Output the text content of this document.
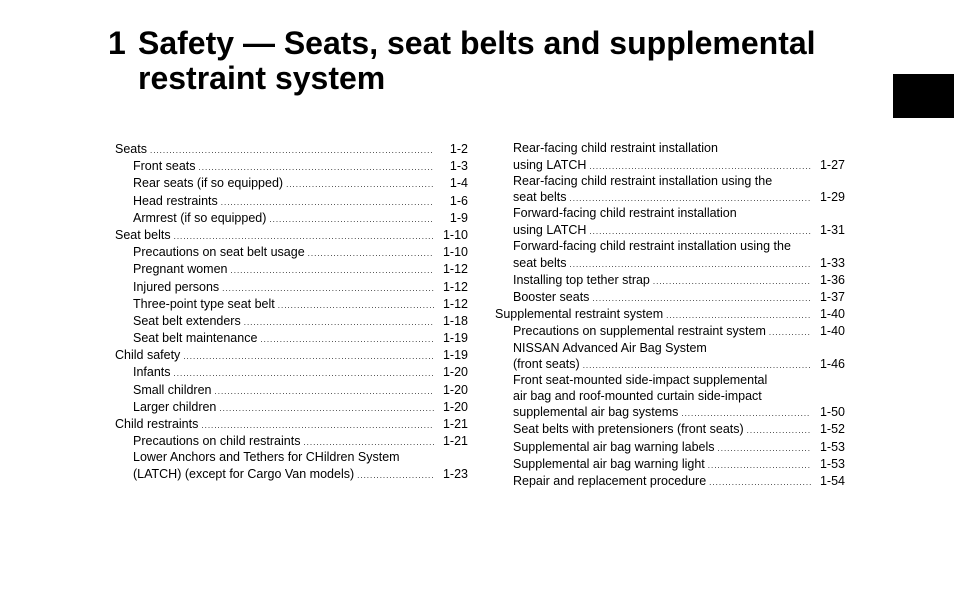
1 Safety — Seats, seat belts and supplemental
restraint system
Seats .....	1-2
Front seats .....	1-3
Rear seats (if so equipped) .....	1-4
Head restraints .....	1-6
Armrest (if so equipped) .....	1-9
Seat belts .....	1-10
Precautions on seat belt usage .....	1-10
Pregnant women .....	1-12
Injured persons .....	1-12
Three-point type seat belt .....	1-12
Seat belt extenders .....	1-18
Seat belt maintenance .....	1-19
Child safety .....	1-19
Infants .....	1-20
Small children .....	1-20
Larger children .....	1-20
Child restraints .....	1-21
Precautions on child restraints .....	1-21
Lower Anchors and Tethers for CHildren System
(LATCH) (except for Cargo Van models) .....	1-23
Rear-facing child restraint installation
using LATCH .....	1-27
Rear-facing child restraint installation using the
seat belts .....	1-29
Forward-facing child restraint installation
using LATCH .....	1-31
Forward-facing child restraint installation using the
seat belts .....	1-33
Installing top tether strap .....	1-36
Booster seats .....	1-37
Supplemental restraint system .....	1-40
Precautions on supplemental restraint system .....	1-40
NISSAN Advanced Air Bag System
(front seats) .....	1-46
Front seat-mounted side-impact supplemental
air bag and roof-mounted curtain side-impact
supplemental air bag systems .....	1-50
Seat belts with pretensioners (front seats) .....	1-52
Supplemental air bag warning labels .....	1-53
Supplemental air bag warning light .....	1-53
Repair and replacement procedure .....	1-54
